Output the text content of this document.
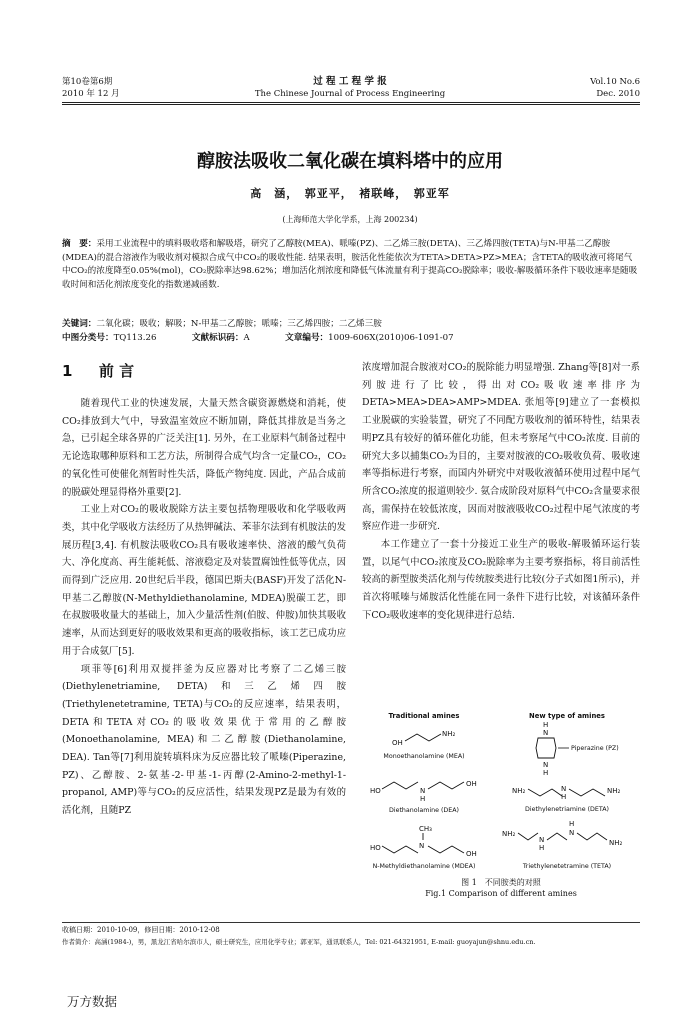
第10卷第6期
2010 年 12 月
过 程 工 程 学 报
The Chinese Journal of Process Engineering
Vol.10 No.6
Dec. 2010
醇胺法吸收二氧化碳在填料塔中的应用
高　涵，　郭亚平，　褚联峰，　郭亚军
(上海师范大学化学系，上海 200234)
摘　要：采用工业流程中的填料吸收塔和解吸塔，研究了乙醇胺(MEA)、哌嗪(PZ)、二乙烯三胺(DETA)、三乙烯四胺(TETA)与N-甲基二乙醇胺(MDEA)的混合溶液作为吸收剂对模拟合成气中CO₂的吸收性能. 结果表明，胺活化性能依次为TETA>DETA>PZ>MEA；含TETA的吸收液可将尾气中CO₂的浓度降至0.05%(mol)，CO₂脱除率达98.62%；增加活化剂浓度和降低气体流量有利于提高CO₂脱除率；吸收-解吸循环条件下吸收速率是随吸收时间和活化剂浓度变化的指数递减函数.
关键词：二氧化碳；吸收；解吸；N-甲基二乙醇胺；哌嗪；三乙烯四胺；二乙烯三胺
中图分类号：TQ113.26	文献标识码：A	文章编号：1009-606X(2010)06-1091-07
1 前 言

随着现代工业的快速发展，大量天然含碳资源燃烧和消耗，使CO₂排放到大气中，导致温室效应不断加剧，降低其排放是当务之急，已引起全球各界的广泛关注[1]. 另外，在工业原料气制备过程中无论选取哪种原料和工艺方法，所制得合成气均含一定量CO₂，CO₂的氧化性可使催化剂暂时性失活，降低产物纯度. 因此，产品合成前的脱碳处理显得格外重要[2].

工业上对CO₂的吸收脱除方法主要包括物理吸收和化学吸收两类，其中化学吸收方法经历了从热钾碱法、苯菲尔法到有机胺法的发展历程[3,4]. 有机胺法吸收CO₂具有吸收速率快、溶液的酸气负荷大、净化度高、再生能耗低、溶液稳定及对装置腐蚀性低等优点，因而得到广泛应用. 20世纪后半段，德国巴斯夫(BASF)开发了活化N-甲基二乙醇胺(N-Methyldiethanolamine, MDEA)脱碳工艺，即在叔胺吸收量大的基础上，加入少量活性剂(伯胺、仲胺)加快其吸收速率，从而达到更好的吸收效果和更高的吸收指标，该工艺已成功应用于合成氨厂[5].

项菲等[6]利用双搅拌釜为反应器对比考察了二乙烯三胺(Diethylenetriamine, DETA)和三乙烯四胺(Triethylenetetramine, TETA)与CO₂的反应速率，结果表明，DETA和TETA对CO₂的吸收效果优于常用的乙醇胺(Monoethanolamine, MEA)和二乙醇胺(Diethanolamine, DEA). Tan等[7]利用旋转填料床为反应器比较了哌嗪(Piperazine, PZ)、乙醇胺、2-氨基-2-甲基-1-丙醇(2-Amino-2-methyl-1-propanol, AMP)等与CO₂的反应活性，结果发现PZ是最为有效的活化剂，且随PZ

浓度增加混合胺液对CO₂的脱除能力明显增强. Zhang等[8]对一系列胺进行了比较，得出对CO₂吸收速率排序为DETA>MEA>DEA>AMP>MDEA. 张旭等[9]建立了一套模拟工业脱碳的实验装置，研究了不同配方吸收剂的循环特性，结果表明PZ具有较好的循环催化功能，但未考察尾气中CO₂浓度. 目前的研究大多以捕集CO₂为目的，主要对胺液的CO₂吸收负荷、吸收速率等指标进行考察，而国内外研究中对吸收液循环使用过程中尾气所含CO₂浓度的报道则较少. 氨合成阶段对原料气中CO₂含量要求很高，需保持在较低浓度，因而对胺液吸收CO₂过程中尾气浓度的考察应作进一步研究.

本工作建立了一套十分接近工业生产的吸收-解吸循环运行装置，以尾气中CO₂浓度及CO₂脱除率为主要考察指标，将目前活性较高的新型胺类活化剂与传统胺类进行比较(分子式如图1所示)，并首次将哌嗪与烯胺活化性能在同一条件下进行比较，对该循环条件下CO₂吸收速率的变化规律进行总结.

Traditional amines	New type of amines
OH
NH₂
Monoethanolamine (MEA)
H
N
N
H
Piperazine (PZ)
HO	N
H
OH
Diethanolamine (DEA)
NH₂	N
H
NH₂
Diethylenetriamine (DETA)
CH₃
HO	N
OH
N-Methyldiethanolamine (MDEA)
NH₂
N
H
H
N
NH₂
Triethylenetetramine (TETA)
图 1　不同胺类的对照
Fig.1 Comparison of different amines
收稿日期：2010-10-09，修回日期：2010-12-08
作者简介：高涵(1984-)，男，黑龙江省哈尔滨市人，硕士研究生，应用化学专业；郭亚军，通讯联系人，Tel: 021-64321951, E-mail: guoyajun@shnu.edu.cn.
万方数据
